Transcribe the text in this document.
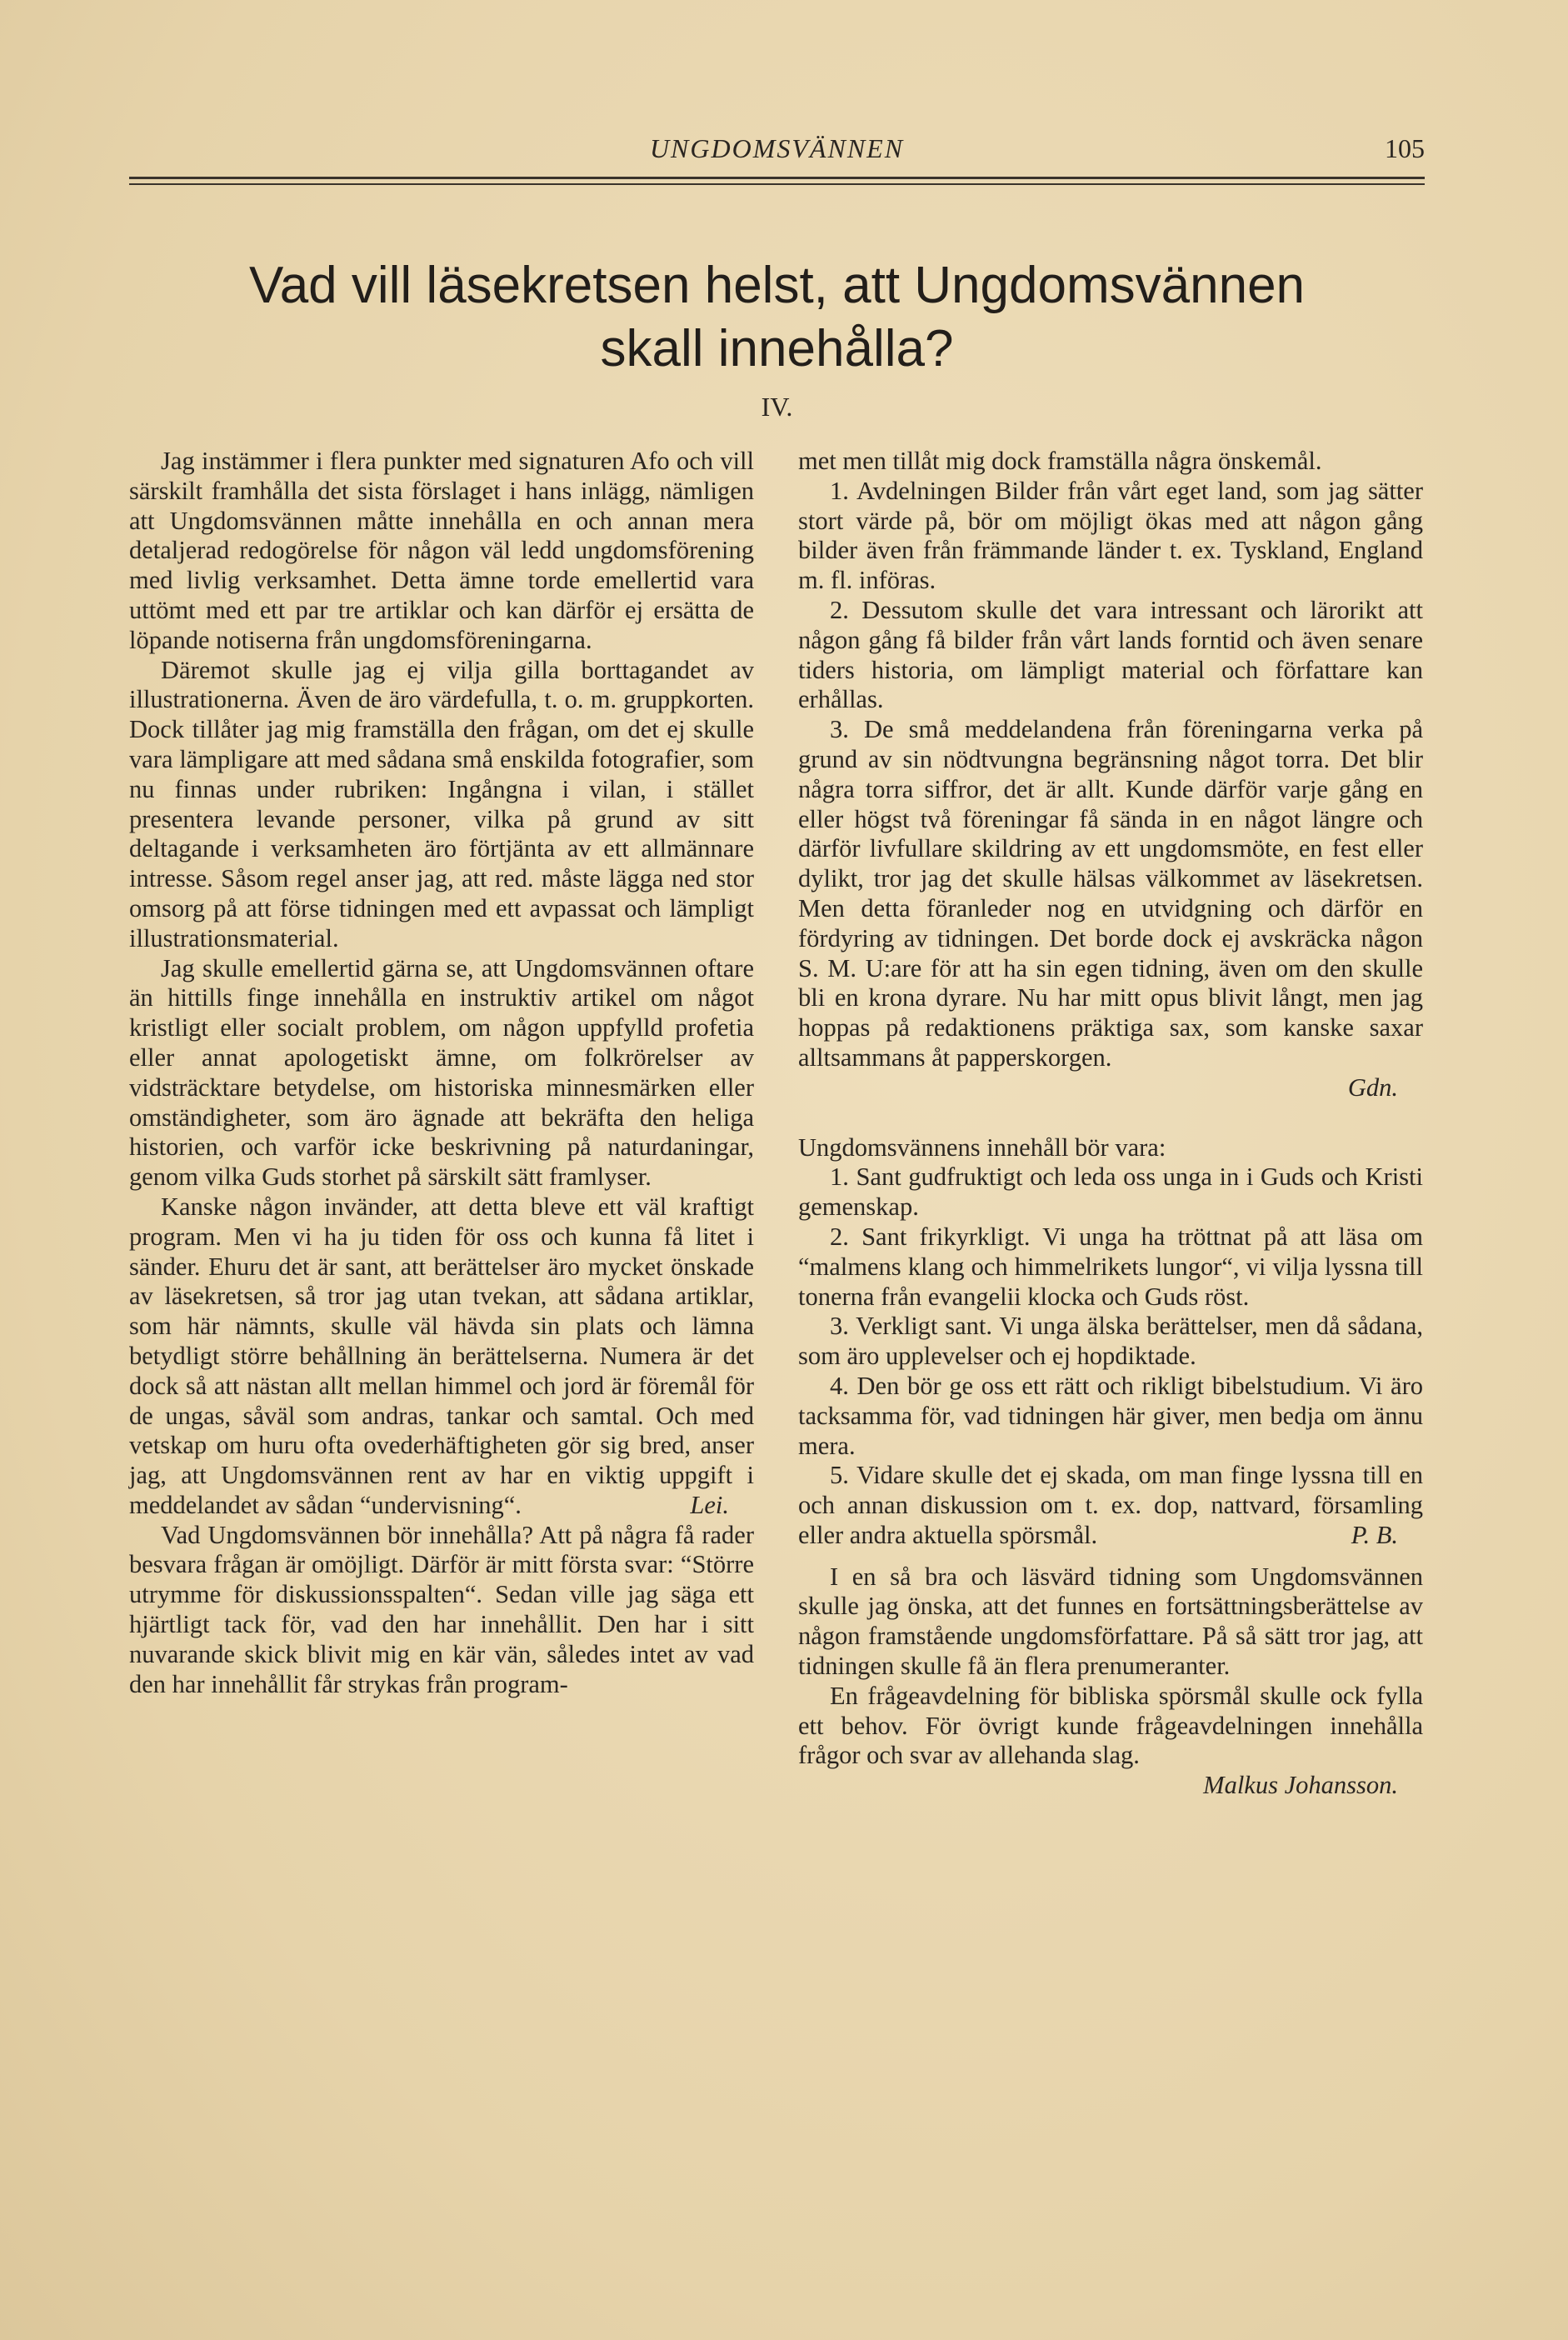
UNGDOMSVÄNNEN	105
Vad vill läsekretsen helst, att Ungdomsvännen
skall innehålla?
IV.

Jag instämmer i flera punkter med signaturen Afo och vill särskilt framhålla det sista förslaget i hans inlägg, nämligen att Ungdomsvännen måtte innehålla en och annan mera detaljerad redogörelse för någon väl ledd ungdomsförening med livlig verksamhet. Detta ämne torde emellertid vara uttömt med ett par tre artiklar och kan därför ej ersätta de löpande notiserna från ungdomsföreningarna.

Däremot skulle jag ej vilja gilla borttagandet av illustrationerna. Även de äro värdefulla, t. o. m. gruppkorten. Dock tillåter jag mig framställa den frågan, om det ej skulle vara lämpligare att med sådana små enskilda fotografier, som nu finnas under rubriken: Ingångna i vilan, i stället presentera levande personer, vilka på grund av sitt deltagande i verksamheten äro förtjänta av ett allmännare intresse. Såsom regel anser jag, att red. måste lägga ned stor omsorg på att förse tidningen med ett avpassat och lämpligt illustrationsmaterial.

Jag skulle emellertid gärna se, att Ungdomsvännen oftare än hittills finge innehålla en instruktiv artikel om något kristligt eller socialt problem, om någon uppfylld profetia eller annat apologetiskt ämne, om folkrörelser av vidsträcktare betydelse, om historiska minnesmärken eller omständigheter, som äro ägnade att bekräfta den heliga historien, och varför icke beskrivning på naturdaningar, genom vilka Guds storhet på särskilt sätt framlyser.

Kanske någon invänder, att detta bleve ett väl kraftigt program. Men vi ha ju tiden för oss och kunna få litet i sänder. Ehuru det är sant, att berättelser äro mycket önskade av läsekretsen, så tror jag utan tvekan, att sådana artiklar, som här nämnts, skulle väl hävda sin plats och lämna betydligt större behållning än berättelserna. Numera är det dock så att nästan allt mellan himmel och jord är föremål för de ungas, såväl som andras, tankar och samtal. Och med vetskap om huru ofta ovederhäftigheten gör sig bred, anser jag, att Ungdomsvännen rent av har en viktig uppgift i meddelandet av sådan “undervisning“.	Lei.

Vad Ungdomsvännen bör innehålla? Att på några få rader besvara frågan är omöjligt. Därför är mitt första svar: “Större utrymme för diskussionsspalten“. Sedan ville jag säga ett hjärtligt tack för, vad den har innehållit. Den har i sitt nuvarande skick blivit mig en kär vän, således intet av vad den har innehållit får strykas från program-

met men tillåt mig dock framställa några önskemål.

1. Avdelningen Bilder från vårt eget land, som jag sätter stort värde på, bör om möjligt ökas med att någon gång bilder även från främmande länder t. ex. Tyskland, England m. fl. införas.

2. Dessutom skulle det vara intressant och lärorikt att någon gång få bilder från vårt lands forntid och även senare tiders historia, om lämpligt material och författare kan erhållas.

3. De små meddelandena från föreningarna verka på grund av sin nödtvungna begränsning något torra. Det blir några torra siffror, det är allt. Kunde därför varje gång en eller högst två föreningar få sända in en något längre och därför livfullare skildring av ett ungdomsmöte, en fest eller dylikt, tror jag det skulle hälsas välkommet av läsekretsen. Men detta föranleder nog en utvidgning och därför en fördyring av tidningen. Det borde dock ej avskräcka någon S. M. U:are för att ha sin egen tidning, även om den skulle bli en krona dyrare. Nu har mitt opus blivit långt, men jag hoppas på redaktionens präktiga sax, som kanske saxar alltsammans åt papperskorgen.

Gdn.

Ungdomsvännens innehåll bör vara:

1. Sant gudfruktigt och leda oss unga in i Guds och Kristi gemenskap.

2. Sant frikyrkligt. Vi unga ha tröttnat på att läsa om “malmens klang och himmelrikets lungor“, vi vilja lyssna till tonerna från evangelii klocka och Guds röst.

3. Verkligt sant. Vi unga älska berättelser, men då sådana, som äro upplevelser och ej hopdiktade.

4. Den bör ge oss ett rätt och rikligt bibelstudium. Vi äro tacksamma för, vad tidningen här giver, men bedja om ännu mera.

5. Vidare skulle det ej skada, om man finge lyssna till en och annan diskussion om t. ex. dop, nattvard, församling eller andra aktuella spörsmål.	P. B.

I en så bra och läsvärd tidning som Ungdomsvännen skulle jag önska, att det funnes en fortsättningsberättelse av någon framstående ungdomsförfattare. På så sätt tror jag, att tidningen skulle få än flera prenumeranter.

En frågeavdelning för bibliska spörsmål skulle ock fylla ett behov. För övrigt kunde frågeavdelningen innehålla frågor och svar av allehanda slag.

Malkus Johansson.
